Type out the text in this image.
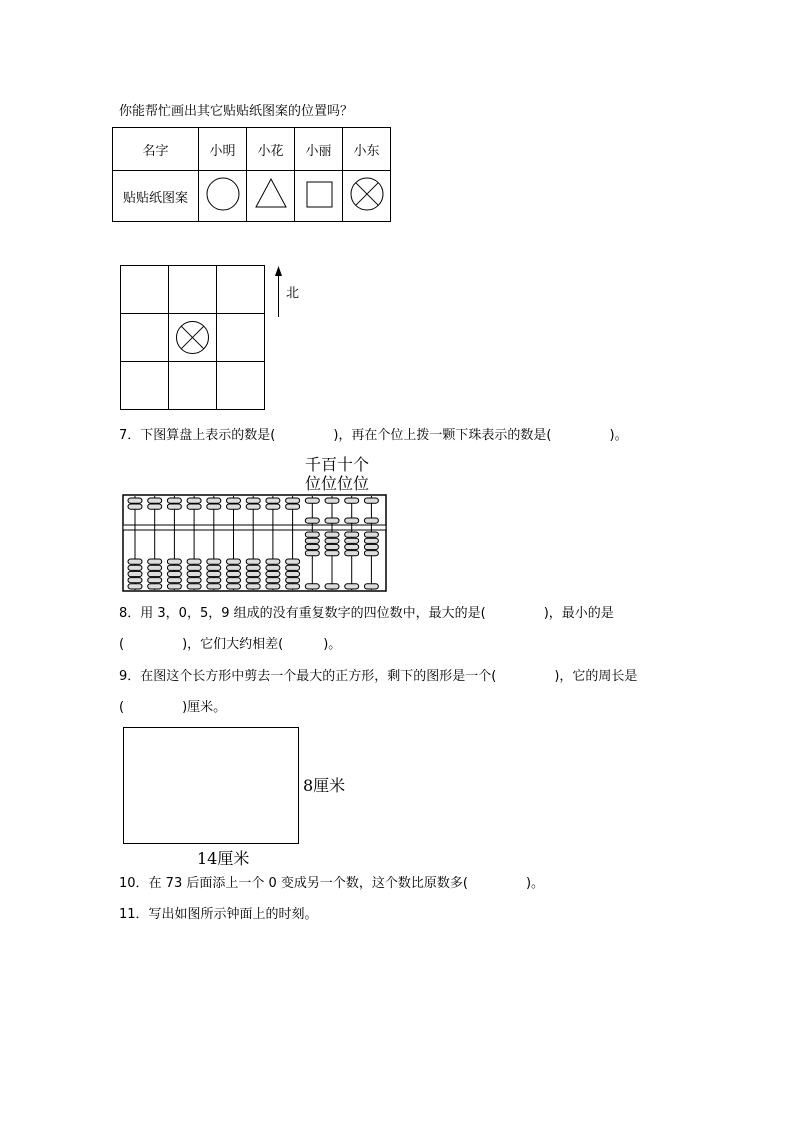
你能帮忙画出其它贴贴纸图案的位置吗？
名字	小明	小花	小丽	小东
贴贴纸图案				
北
7．下图算盘上表示的数是(	)，再在个位上拨一颗下珠表示的数是(	)。
千百十个
位位位位
8．用 3，0，5，9 组成的没有重复数字的四位数中，最大的是(	)，最小的是
(	)，它们大约相差(	)。
9．在图这个长方形中剪去一个最大的正方形，剩下的图形是一个(	)，它的周长是
(	)厘米。
8厘米
14厘米
10．在 73 后面添上一个 0 变成另一个数，这个数比原数多(	)。
11．写出如图所示钟面上的时刻。
